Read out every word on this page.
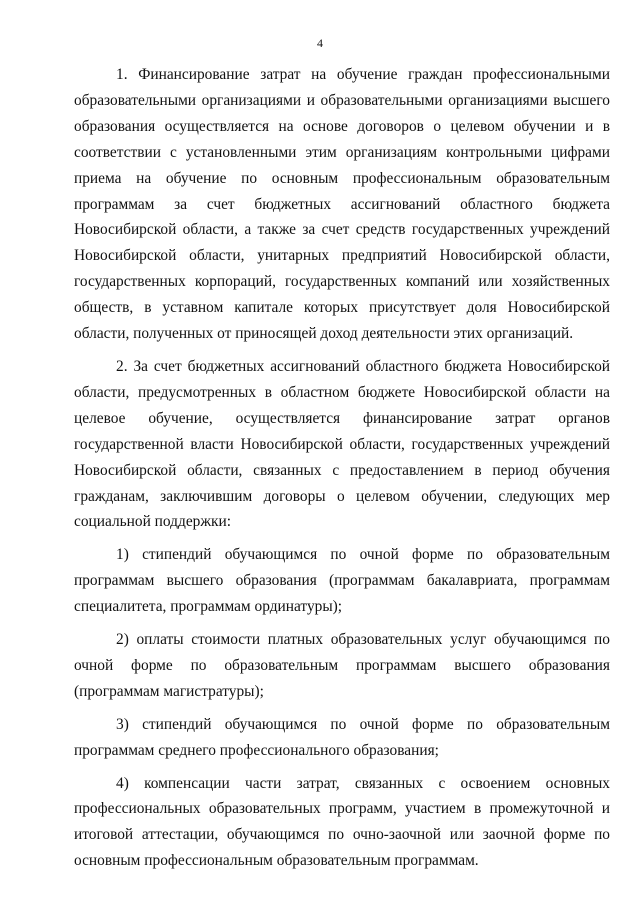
4

1. Финансирование затрат на обучение граждан профессиональными образовательными организациями и образовательными организациями высшего образования осуществляется на основе договоров о целевом обучении и в соответствии с установленными этим организациям контрольными цифрами приема на обучение по основным профессиональным образовательным программам за счет бюджетных ассигнований областного бюджета Новосибирской области, а также за счет средств государственных учреждений Новосибирской области, унитарных предприятий Новосибирской области, государственных корпораций, государственных компаний или хозяйственных обществ, в уставном капитале которых присутствует доля Новосибирской области, полученных от приносящей доход деятельности этих организаций.

2. За счет бюджетных ассигнований областного бюджета Новосибирской области, предусмотренных в областном бюджете Новосибирской области на целевое обучение, осуществляется финансирование затрат органов государственной власти Новосибирской области, государственных учреждений Новосибирской области, связанных с предоставлением в период обучения гражданам, заключившим договоры о целевом обучении, следующих мер социальной поддержки:

1) стипендий обучающимся по очной форме по образовательным программам высшего образования (программам бакалавриата, программам специалитета, программам ординатуры);

2) оплаты стоимости платных образовательных услуг обучающимся по очной форме по образовательным программам высшего образования (программам магистратуры);

3) стипендий обучающимся по очной форме по образовательным программам среднего профессионального образования;

4) компенсации части затрат, связанных с освоением основных профессиональных образовательных программ, участием в промежуточной и итоговой аттестации, обучающимся по очно-заочной или заочной форме по основным профессиональным образовательным программам.
